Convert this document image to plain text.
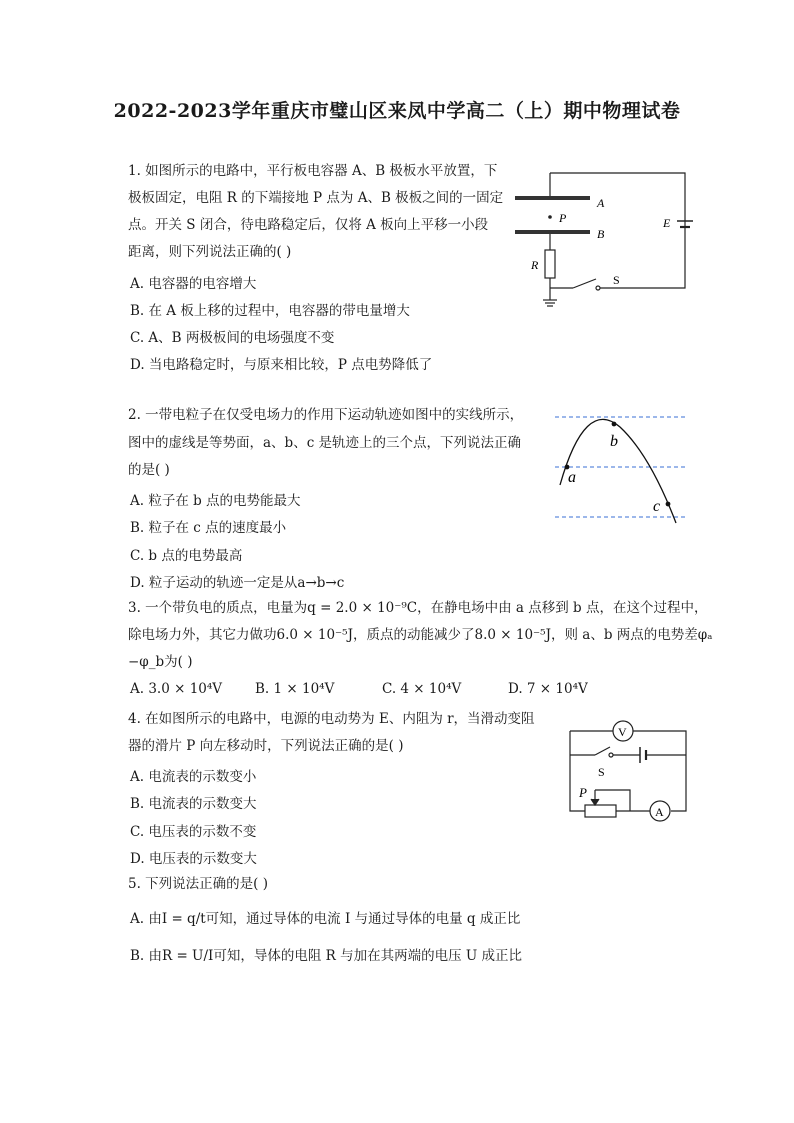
2022-2023学年重庆市璧山区来凤中学高二（上）期中物理试卷
1. 如图所示的电路中，平行板电容器 A、B 极板水平放置，下
极板固定，电阻 R 的下端接地 P 点为 A、B 极板之间的一固定
点。开关 S 闭合，待电路稳定后，仅将 A 板向上平移一小段
距离，则下列说法正确的( )
A. 电容器的电容增大
B. 在 A 板上移的过程中，电容器的带电量增大
C. A、B 两极板间的电场强度不变
D. 当电路稳定时，与原来相比较，P 点电势降低了
A
B
P	E
R
S
2. 一带电粒子在仅受电场力的作用下运动轨迹如图中的实线所示，
图中的虚线是等势面，a、b、c 是轨迹上的三个点，下列说法正确
的是( )
A. 粒子在 b 点的电势能最大
B. 粒子在 c 点的速度最小
C. b 点的电势最高
D. 粒子运动的轨迹一定是从a→b→c
a
b
c
3. 一个带负电的质点，电量为q = 2.0 × 10⁻⁹C，在静电场中由 a 点移到 b 点，在这个过程中，
除电场力外，其它力做功6.0 × 10⁻⁵J，质点的动能减少了8.0 × 10⁻⁵J，则 a、b 两点的电势差φₐ
−φ_b为( )
A. 3.0 × 10⁴V B. 1 × 10⁴V	C. 4 × 10⁴V	D. 7 × 10⁴V
4. 在如图所示的电路中，电源的电动势为 E、内阻为 r，当滑动变阻
器的滑片 P 向左移动时，下列说法正确的是( )
A. 电流表的示数变小
B. 电流表的示数变大
C. 电压表的示数不变
D. 电压表的示数变大
V
A
S
P
5. 下列说法正确的是( )
A. 由I = q/t可知，通过导体的电流 I 与通过导体的电量 q 成正比
B. 由R = U/I可知，导体的电阻 R 与加在其两端的电压 U 成正比
